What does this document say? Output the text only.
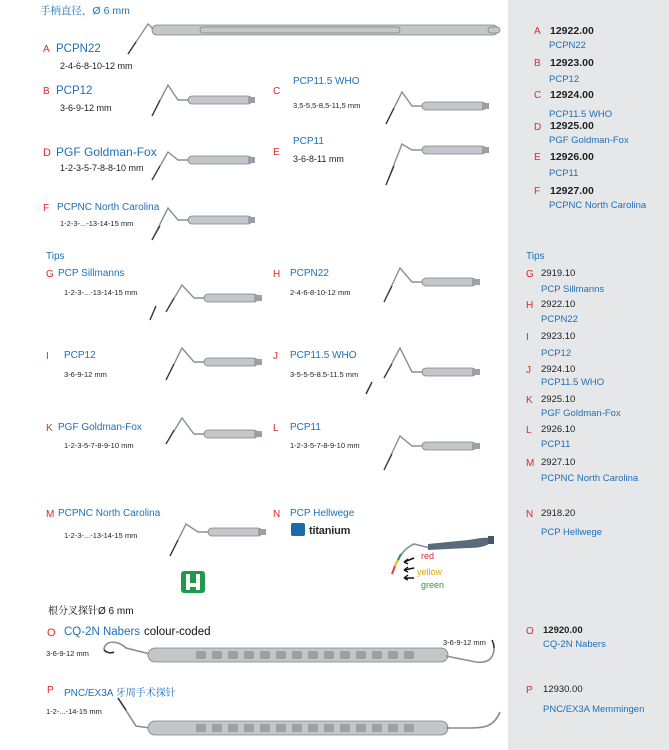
手柄直径，Ø 6 mm
A PCPN22
2-4-6-8-10-12 mm
B PCP12
3-6-9-12 mm
C
PCP11.5 WHO
3,5-5,5-8,5-11,5 mm
D PGF Goldman-Fox
1-2-3-5-7-8-8-10 mm
E
PCP11
3-6-8-11 mm
F PCPNC North Carolina
1-2-3-...-13-14-15 mm
Tips
G PCP Sillmanns
1-2-3-...-13-14-15 mm
H PCPN22
2-4-6-8-10-12 mm
I PCP12
3-6-9-12 mm
J PCP11.5 WHO
3-5-5-5-8.5-11.5 mm
K PGF Goldman-Fox
1-2-3-5-7-8-9-10 mm
L PCP11
1-2-3-5-7-8-9-10 mm
M PCPNC North Carolina
1-2-3-...-13-14-15 mm
N PCP Hellwege
titanium
red
yellow
green
根分叉探针Ø 6 mm
O CQ-2N Nabers colour-coded
3-6-9-12 mm
3-6-9-12 mm
P PNC/EX3A 牙周手术探针
1-2-...-14-15 mm
A 12922.00
PCPN22
B 12923.00
PCP12
C 12924.00
PCP11.5 WHO
D 12925.00
PGF Goldman-Fox
E 12926.00
PCP11
F 12927.00
PCPNC North Carolina
Tips
G 2919.10
PCP Sillmanns
H 2922.10
PCPN22
I 2923.10
PCP12
J 2924.10
PCP11.5 WHO
K 2925.10
PGF Goldman-Fox
L 2926.10
PCP11
M 2927.10
PCPNC North Carolina
N 2918.20
PCP Hellwege
O 12920.00
CQ-2N Nabers
P 12930.00
PNC/EX3A Memmingen
